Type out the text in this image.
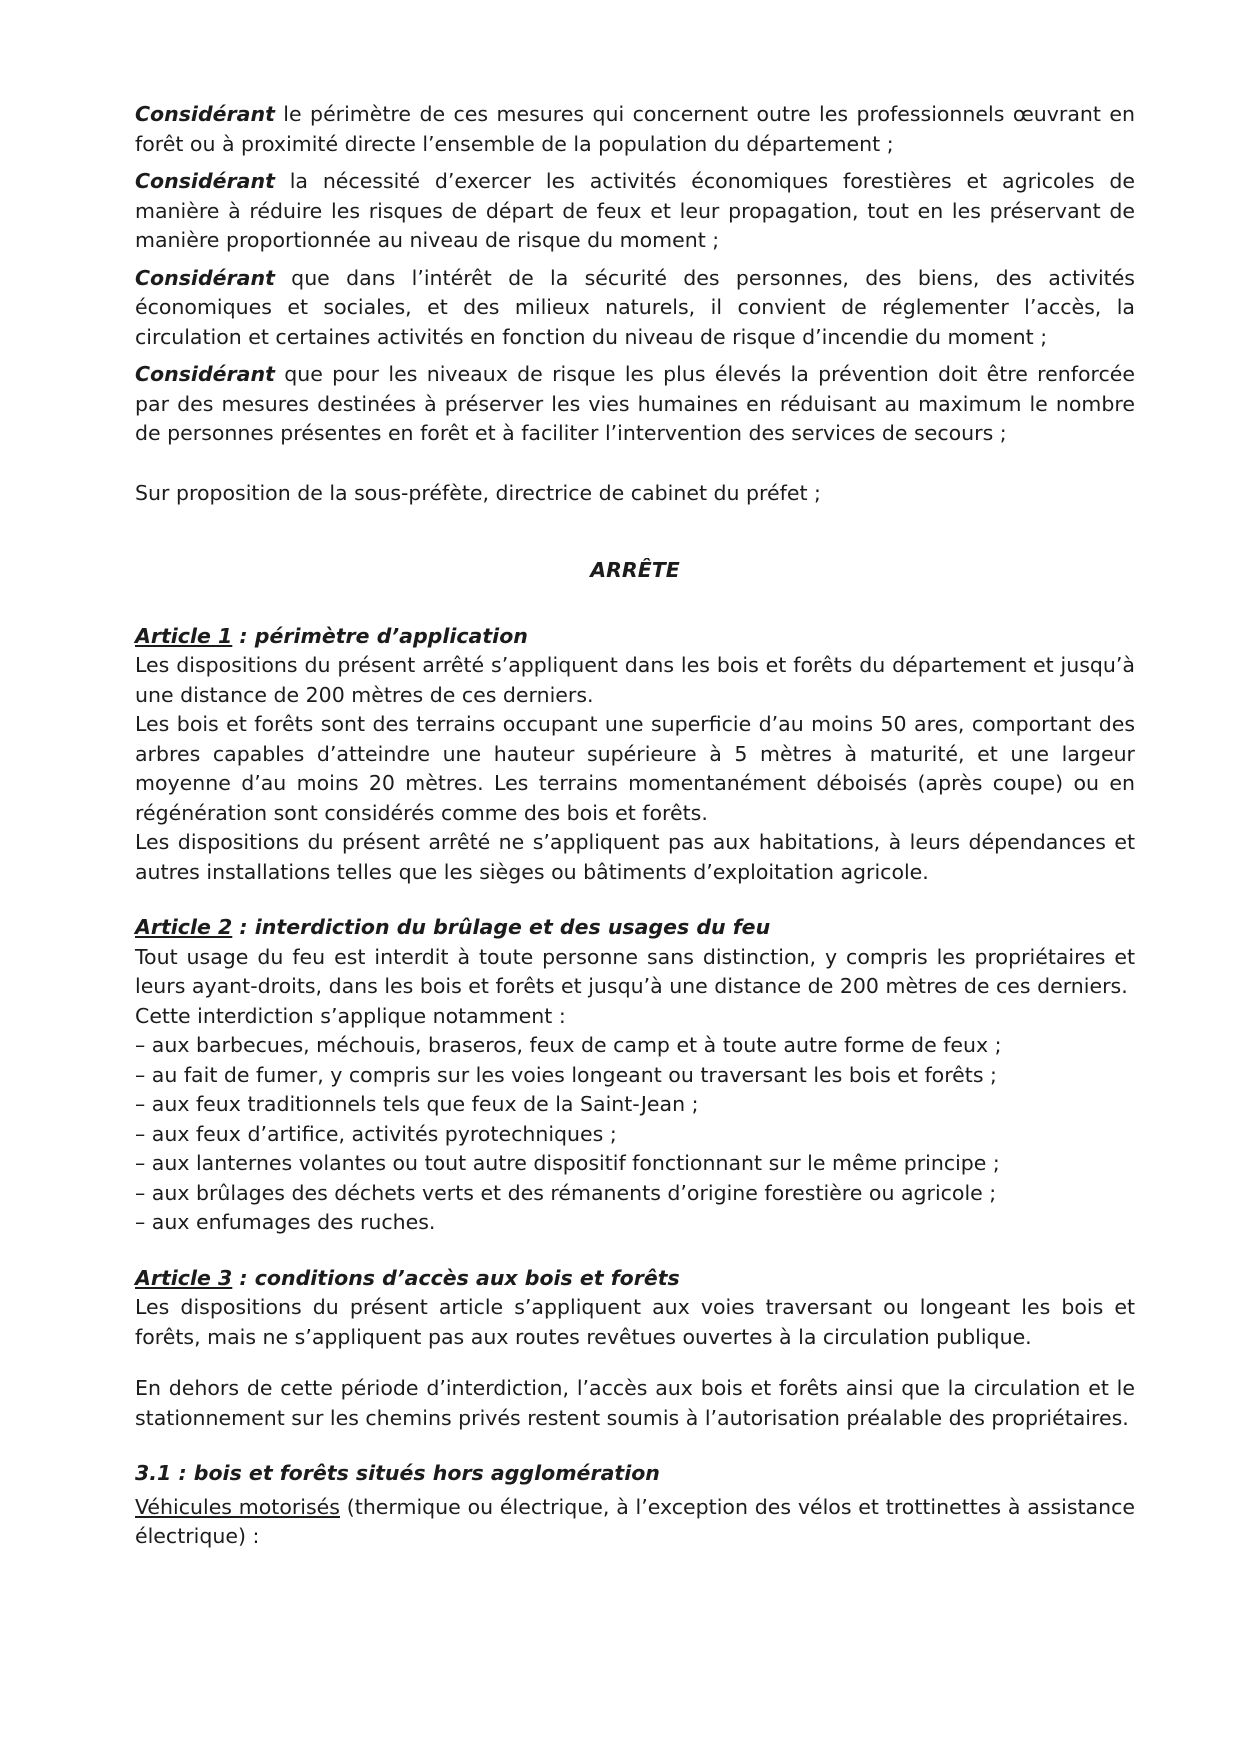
Considérant le périmètre de ces mesures qui concernent outre les professionnels œuvrant en forêt ou à proximité directe l’ensemble de la population du département ;

Considérant la nécessité d’exercer les activités économiques forestières et agricoles de manière à réduire les risques de départ de feux et leur propagation, tout en les préservant de manière proportionnée au niveau de risque du moment ;

Considérant que dans l’intérêt de la sécurité des personnes, des biens, des activités économiques et sociales, et des milieux naturels, il convient de réglementer l’accès, la circulation et certaines activités en fonction du niveau de risque d’incendie du moment ;

Considérant que pour les niveaux de risque les plus élevés la prévention doit être renforcée par des mesures destinées à préserver les vies humaines en réduisant au maximum le nombre de personnes présentes en forêt et à faciliter l’intervention des services de secours ;

Sur proposition de la sous-préfète, directrice de cabinet du préfet ;

ARRÊTE

Article 1 : périmètre d’application

Les dispositions du présent arrêté s’appliquent dans les bois et forêts du département et jusqu’à une distance de 200 mètres de ces derniers.

Les bois et forêts sont des terrains occupant une superficie d’au moins 50 ares, comportant des arbres capables d’atteindre une hauteur supérieure à 5 mètres à maturité, et une largeur moyenne d’au moins 20 mètres. Les terrains momentanément déboisés (après coupe) ou en régénération sont considérés comme des bois et forêts.

Les dispositions du présent arrêté ne s’appliquent pas aux habitations, à leurs dépendances et autres installations telles que les sièges ou bâtiments d’exploitation agricole.

Article 2 : interdiction du brûlage et des usages du feu

Tout usage du feu est interdit à toute personne sans distinction, y compris les propriétaires et leurs ayant-droits, dans les bois et forêts et jusqu’à une distance de 200 mètres de ces derniers.

Cette interdiction s’applique notamment :

– aux barbecues, méchouis, braseros, feux de camp et à toute autre forme de feux ;
– au fait de fumer, y compris sur les voies longeant ou traversant les bois et forêts ;
– aux feux traditionnels tels que feux de la Saint-Jean ;
– aux feux d’artifice, activités pyrotechniques ;
– aux lanternes volantes ou tout autre dispositif fonctionnant sur le même principe ;
– aux brûlages des déchets verts et des rémanents d’origine forestière ou agricole ;
– aux enfumages des ruches.

Article 3 : conditions d’accès aux bois et forêts

Les dispositions du présent article s’appliquent aux voies traversant ou longeant les bois et forêts, mais ne s’appliquent pas aux routes revêtues ouvertes à la circulation publique.

En dehors de cette période d’interdiction, l’accès aux bois et forêts ainsi que la circulation et le stationnement sur les chemins privés restent soumis à l’autorisation préalable des propriétaires.

3.1 : bois et forêts situés hors agglomération

Véhicules motorisés (thermique ou électrique, à l’exception des vélos et trottinettes à assistance électrique) :
